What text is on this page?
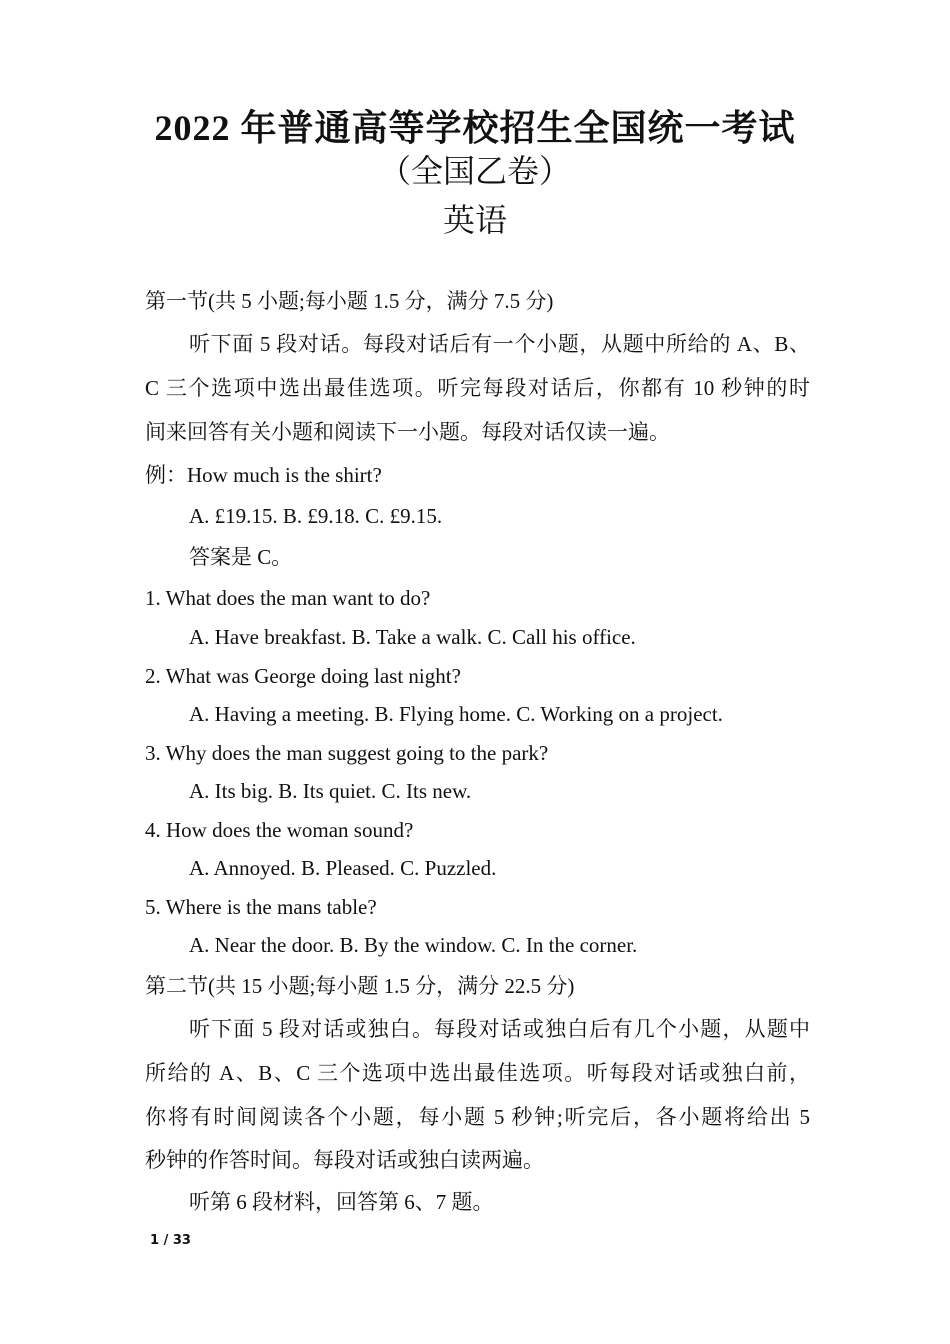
2022 年普通高等学校招生全国统一考试
（全国乙卷）
英语
第一节(共 5 小题;每小题 1.5 分，满分 7.5 分)
听下面 5 段对话。每段对话后有一个小题，从题中所给的 A、B、
C 三个选项中选出最佳选项。听完每段对话后，你都有 10 秒钟的时
间来回答有关小题和阅读下一小题。每段对话仅读一遍。
例：How much is the shirt?
A. £19.15. B. £9.18. C. £9.15.
答案是 C。
1. What does the man want to do?
A. Have breakfast. B. Take a walk. C. Call his office.
2. What was George doing last night?
A. Having a meeting. B. Flying home. C. Working on a project.
3. Why does the man suggest going to the park?
A. Its big. B. Its quiet. C. Its new.
4. How does the woman sound?
A. Annoyed. B. Pleased. C. Puzzled.
5. Where is the mans table?
A. Near the door. B. By the window. C. In the corner.
第二节(共 15 小题;每小题 1.5 分，满分 22.5 分)
听下面 5 段对话或独白。每段对话或独白后有几个小题，从题中
所给的 A、B、C 三个选项中选出最佳选项。听每段对话或独白前，
你将有时间阅读各个小题，每小题 5 秒钟;听完后，各小题将给出 5
秒钟的作答时间。每段对话或独白读两遍。
听第 6 段材料，回答第 6、7 题。
1 / 33
